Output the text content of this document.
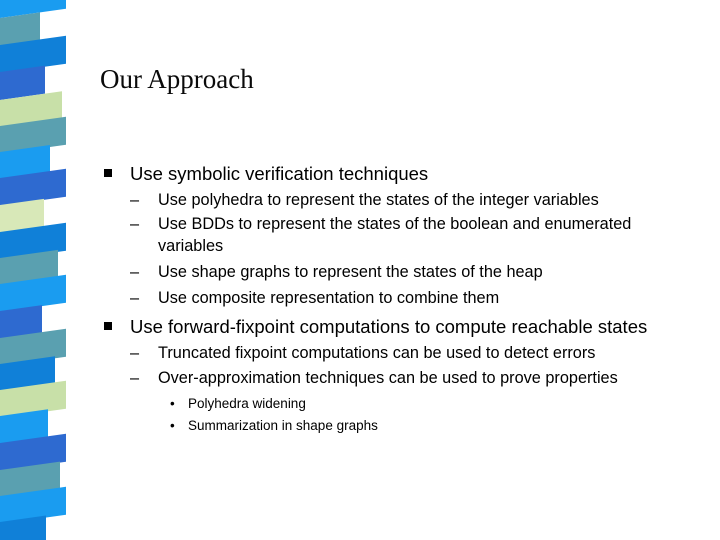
Our Approach
Use symbolic verification techniques
– Use polyhedra to represent the states of the integer variables
– Use BDDs to represent the states of the boolean and enumerated
variables
– Use shape graphs to represent the states of the heap
– Use composite representation to combine them
Use forward-fixpoint computations to compute reachable states
– Truncated fixpoint computations can be used to detect errors
– Over-approximation techniques can be used to prove properties
• Polyhedra widening
• Summarization in shape graphs
